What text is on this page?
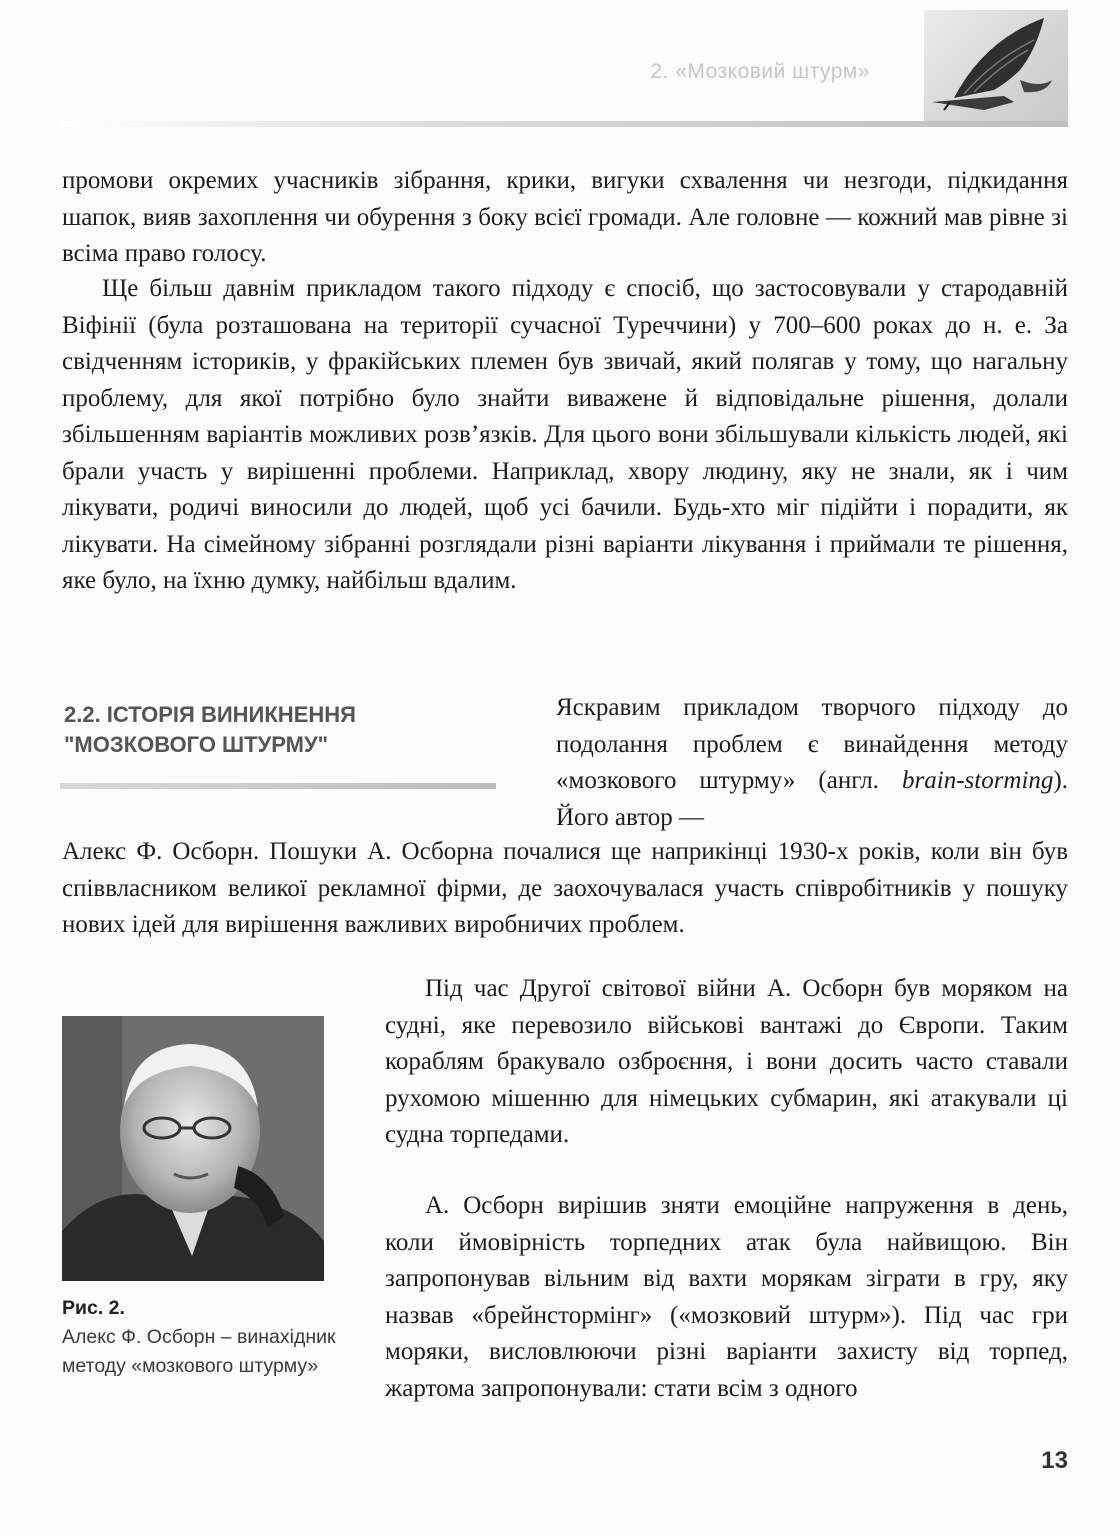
2. «Мозковий штурм»

промови окремих учасників зібрання, крики, вигуки схвалення чи незгоди, підкидання шапок, вияв захоплення чи обурення з боку всієї громади. Але головне — кожний мав рівне зі всіма право голосу.

Ще більш давнім прикладом такого підходу є спосіб, що застосовували у стародавній Віфінії (була розташована на території сучасної Туреччини) у 700–600 роках до н. е. За свідченням істориків, у фракійських племен був звичай, який полягав у тому, що нагальну проблему, для якої потрібно було знайти виважене й відповідальне рішення, долали збільшенням варіантів можливих розв’язків. Для цього вони збільшували кількість людей, які брали участь у вирішенні проблеми. Наприклад, хвору людину, яку не знали, як і чим лікувати, родичі виносили до людей, щоб усі бачили. Будь-хто міг підійти і порадити, як лікувати. На сімейному зібранні розглядали різні варіанти лікування і приймали те рішення, яке було, на їхню думку, найбільш вдалим.

2.2. ІСТОРІЯ ВИНИКНЕННЯ
"МОЗКОВОГО ШТУРМУ"

Яскравим прикладом творчого підходу до подолання проблем є винайдення методу «мозкового штурму» (англ. brain-storming). Його автор —

Алекс Ф. Осборн. Пошуки А. Осборна почалися ще наприкінці 1930-х років, коли він був співвласником великої рекламної фірми, де заохочувалася участь співробітників у пошуку нових ідей для вирішення важливих виробничих проблем.

Рис. 2.
Алекс Ф. Осборн – винахідник методу «мозкового штурму»

Під час Другої світової війни А. Осборн був моряком на судні, яке перевозило військові вантажі до Європи. Таким кораблям бракувало озброєння, і вони досить часто ставали рухомою мішенню для німецьких субмарин, які атакували ці судна торпедами.

А. Осборн вирішив зняти емоційне напруження в день, коли ймовірність торпедних атак була найвищою. Він запропонував вільним від вахти морякам зіграти в гру, яку назвав «брейнстормінг» («мозковий штурм»). Під час гри моряки, висловлюючи різні варіанти захисту від торпед, жартома запропонували: стати всім з одного

13
